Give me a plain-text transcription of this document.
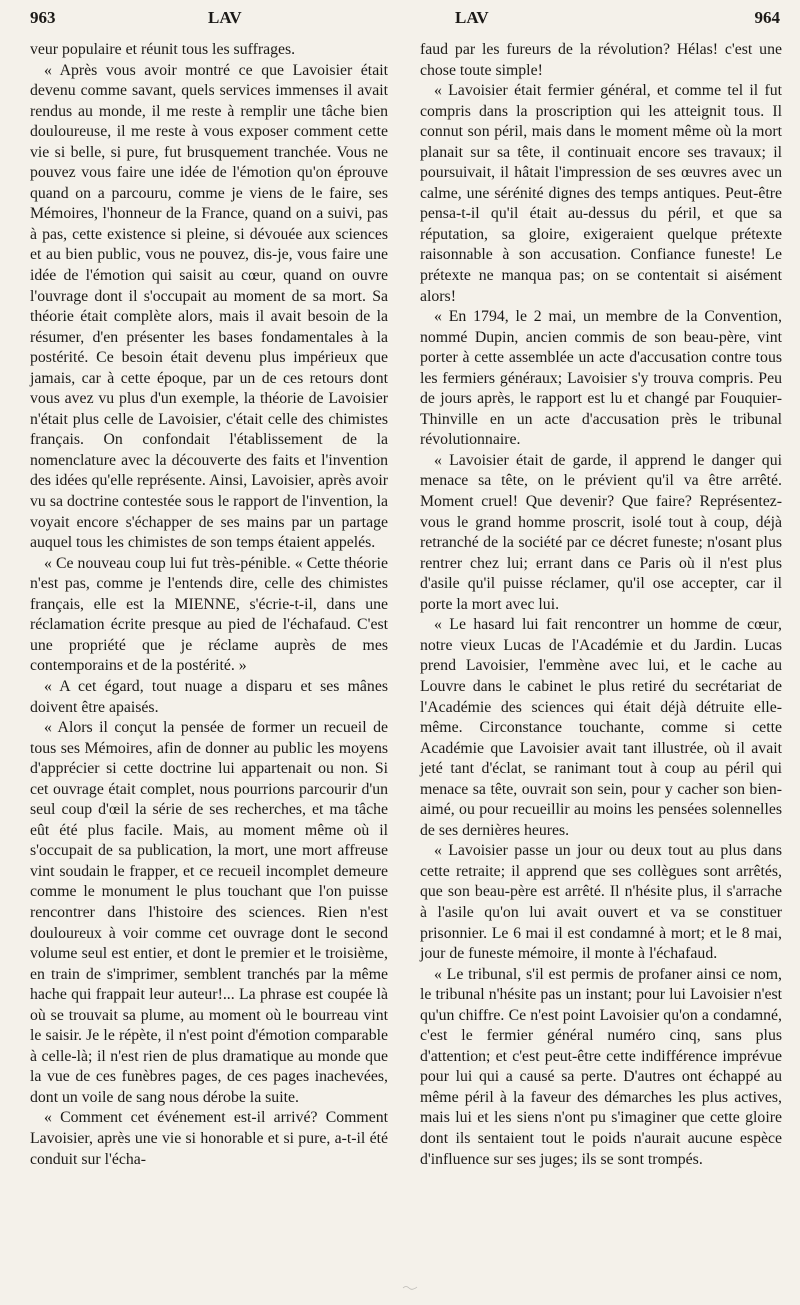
963	LAV	LAV	964

veur populaire et réunit tous les suffrages.

« Après vous avoir montré ce que Lavoisier était devenu comme savant, quels services immenses il avait rendus au monde, il me reste à remplir une tâche bien douloureuse, il me reste à vous exposer comment cette vie si belle, si pure, fut brusquement tranchée. Vous ne pouvez vous faire une idée de l'émotion qu'on éprouve quand on a parcouru, comme je viens de le faire, ses Mémoires, l'honneur de la France, quand on a suivi, pas à pas, cette existence si pleine, si dévouée aux sciences et au bien public, vous ne pouvez, dis-je, vous faire une idée de l'émotion qui saisit au cœur, quand on ouvre l'ouvrage dont il s'occupait au moment de sa mort. Sa théorie était complète alors, mais il avait besoin de la résumer, d'en présenter les bases fondamentales à la postérité. Ce besoin était devenu plus impérieux que jamais, car à cette époque, par un de ces retours dont vous avez vu plus d'un exemple, la théorie de Lavoisier n'était plus celle de Lavoisier, c'était celle des chimistes français. On confondait l'établissement de la nomenclature avec la découverte des faits et l'invention des idées qu'elle représente. Ainsi, Lavoisier, après avoir vu sa doctrine contestée sous le rapport de l'invention, la voyait encore s'échapper de ses mains par un partage auquel tous les chimistes de son temps étaient appelés.

« Ce nouveau coup lui fut très-pénible. « Cette théorie n'est pas, comme je l'entends dire, celle des chimistes français, elle est la MIENNE, s'écrie-t-il, dans une réclamation écrite presque au pied de l'échafaud. C'est une propriété que je réclame auprès de mes contemporains et de la postérité. »

« A cet égard, tout nuage a disparu et ses mânes doivent être apaisés.

« Alors il conçut la pensée de former un recueil de tous ses Mémoires, afin de donner au public les moyens d'apprécier si cette doctrine lui appartenait ou non. Si cet ouvrage était complet, nous pourrions parcourir d'un seul coup d'œil la série de ses recherches, et ma tâche eût été plus facile. Mais, au moment même où il s'occupait de sa publication, la mort, une mort affreuse vint soudain le frapper, et ce recueil incomplet demeure comme le monument le plus touchant que l'on puisse rencontrer dans l'histoire des sciences. Rien n'est douloureux à voir comme cet ouvrage dont le second volume seul est entier, et dont le premier et le troisième, en train de s'imprimer, semblent tranchés par la même hache qui frappait leur auteur!... La phrase est coupée là où se trouvait sa plume, au moment où le bourreau vint le saisir. Je le répète, il n'est point d'émotion comparable à celle-là; il n'est rien de plus dramatique au monde que la vue de ces funèbres pages, de ces pages inachevées, dont un voile de sang nous dérobe la suite.

« Comment cet événement est-il arrivé? Comment Lavoisier, après une vie si honorable et si pure, a-t-il été conduit sur l'écha-

faud par les fureurs de la révolution? Hélas! c'est une chose toute simple!

« Lavoisier était fermier général, et comme tel il fut compris dans la proscription qui les atteignit tous. Il connut son péril, mais dans le moment même où la mort planait sur sa tête, il continuait encore ses travaux; il poursuivait, il hâtait l'impression de ses œuvres avec un calme, une sérénité dignes des temps antiques. Peut-être pensa-t-il qu'il était au-dessus du péril, et que sa réputation, sa gloire, exigeraient quelque prétexte raisonnable à son accusation. Confiance funeste! Le prétexte ne manqua pas; on se contentait si aisément alors!

« En 1794, le 2 mai, un membre de la Convention, nommé Dupin, ancien commis de son beau-père, vint porter à cette assemblée un acte d'accusation contre tous les fermiers généraux; Lavoisier s'y trouva compris. Peu de jours après, le rapport est lu et changé par Fouquier-Thinville en un acte d'accusation près le tribunal révolutionnaire.

« Lavoisier était de garde, il apprend le danger qui menace sa tête, on le prévient qu'il va être arrêté. Moment cruel! Que devenir? Que faire? Représentez-vous le grand homme proscrit, isolé tout à coup, déjà retranché de la société par ce décret funeste; n'osant plus rentrer chez lui; errant dans ce Paris où il n'est plus d'asile qu'il puisse réclamer, qu'il ose accepter, car il porte la mort avec lui.

« Le hasard lui fait rencontrer un homme de cœur, notre vieux Lucas de l'Académie et du Jardin. Lucas prend Lavoisier, l'emmène avec lui, et le cache au Louvre dans le cabinet le plus retiré du secrétariat de l'Académie des sciences qui était déjà détruite elle-même. Circonstance touchante, comme si cette Académie que Lavoisier avait tant illustrée, où il avait jeté tant d'éclat, se ranimant tout à coup au péril qui menace sa tête, ouvrait son sein, pour y cacher son bien-aimé, ou pour recueillir au moins les pensées solennelles de ses dernières heures.

« Lavoisier passe un jour ou deux tout au plus dans cette retraite; il apprend que ses collègues sont arrêtés, que son beau-père est arrêté. Il n'hésite plus, il s'arrache à l'asile qu'on lui avait ouvert et va se constituer prisonnier. Le 6 mai il est condamné à mort; et le 8 mai, jour de funeste mémoire, il monte à l'échafaud.

« Le tribunal, s'il est permis de profaner ainsi ce nom, le tribunal n'hésite pas un instant; pour lui Lavoisier n'est qu'un chiffre. Ce n'est point Lavoisier qu'on a condamné, c'est le fermier général numéro cinq, sans plus d'attention; et c'est peut-être cette indifférence imprévue pour lui qui a causé sa perte. D'autres ont échappé au même péril à la faveur des démarches les plus actives, mais lui et les siens n'ont pu s'imaginer que cette gloire dont ils sentaient tout le poids n'aurait aucune espèce d'influence sur ses juges; ils se sont trompés.
